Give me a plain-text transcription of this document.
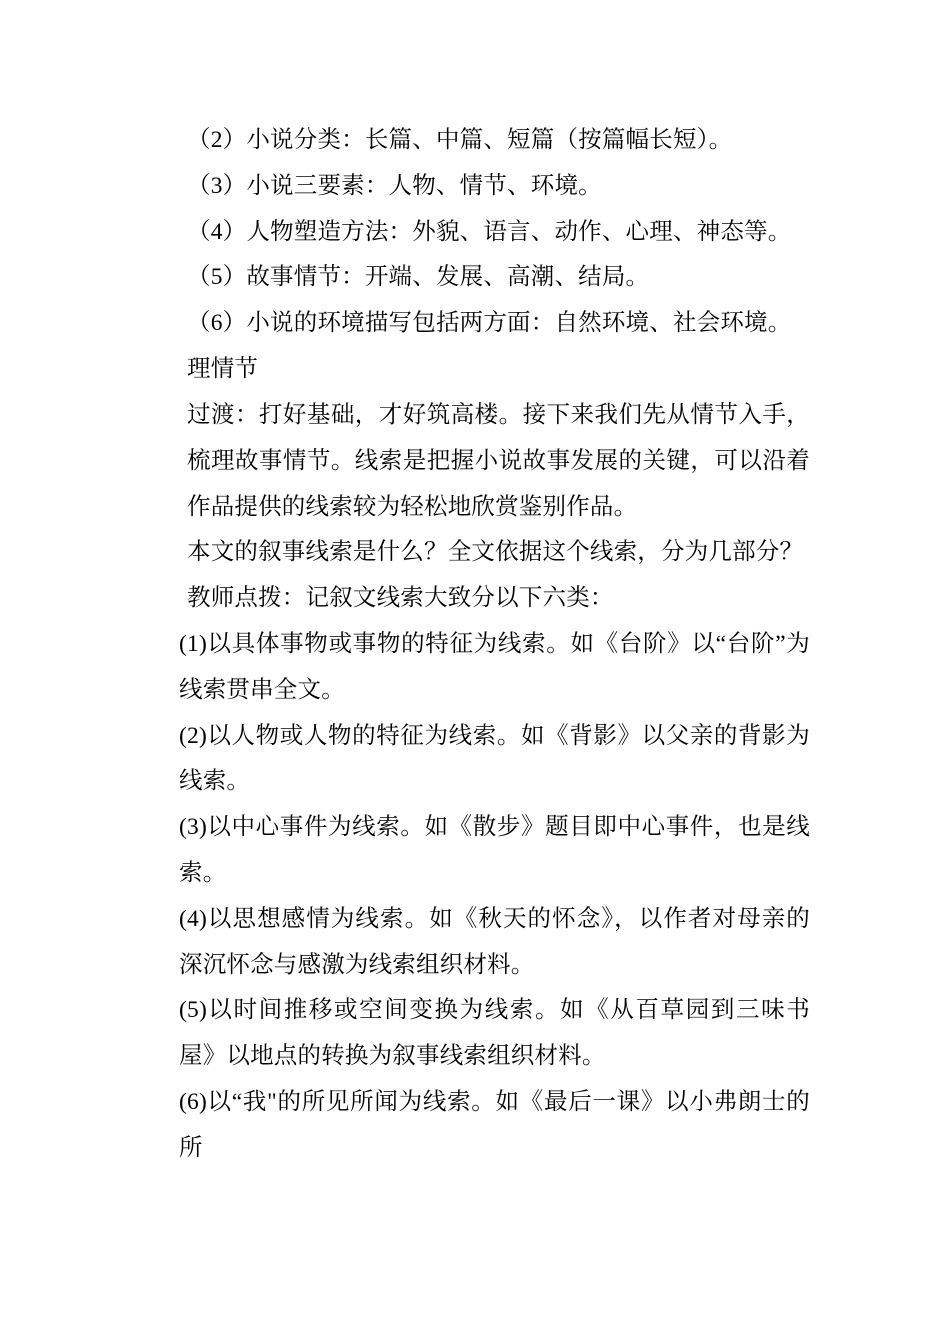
（2）小说分类：长篇、中篇、短篇（按篇幅长短）。

（3）小说三要素：人物、情节、环境。

（4）人物塑造方法：外貌、语言、动作、心理、神态等。

（5）故事情节：开端、发展、高潮、结局。

（6）小说的环境描写包括两方面：自然环境、社会环境。

理情节

过渡：打好基础，才好筑高楼。接下来我们先从情节入手，梳理故事情节。线索是把握小说故事发展的关键，可以沿着作品提供的线索较为轻松地欣赏鉴别作品。

本文的叙事线索是什么？全文依据这个线索，分为几部分？

教师点拨：记叙文线索大致分以下六类：

(1)以具体事物或事物的特征为线索。如《台阶》以“台阶”为线索贯串全文。

(2)以人物或人物的特征为线索。如《背影》以父亲的背影为线索。

(3)以中心事件为线索。如《散步》题目即中心事件，也是线索。

(4)以思想感情为线索。如《秋天的怀念》，以作者对母亲的深沉怀念与感激为线索组织材料。

(5)以时间推移或空间变换为线索。如《从百草园到三味书屋》以地点的转换为叙事线索组织材料。

(6)以“我"的所见所闻为线索。如《最后一课》以小弗朗士的所
